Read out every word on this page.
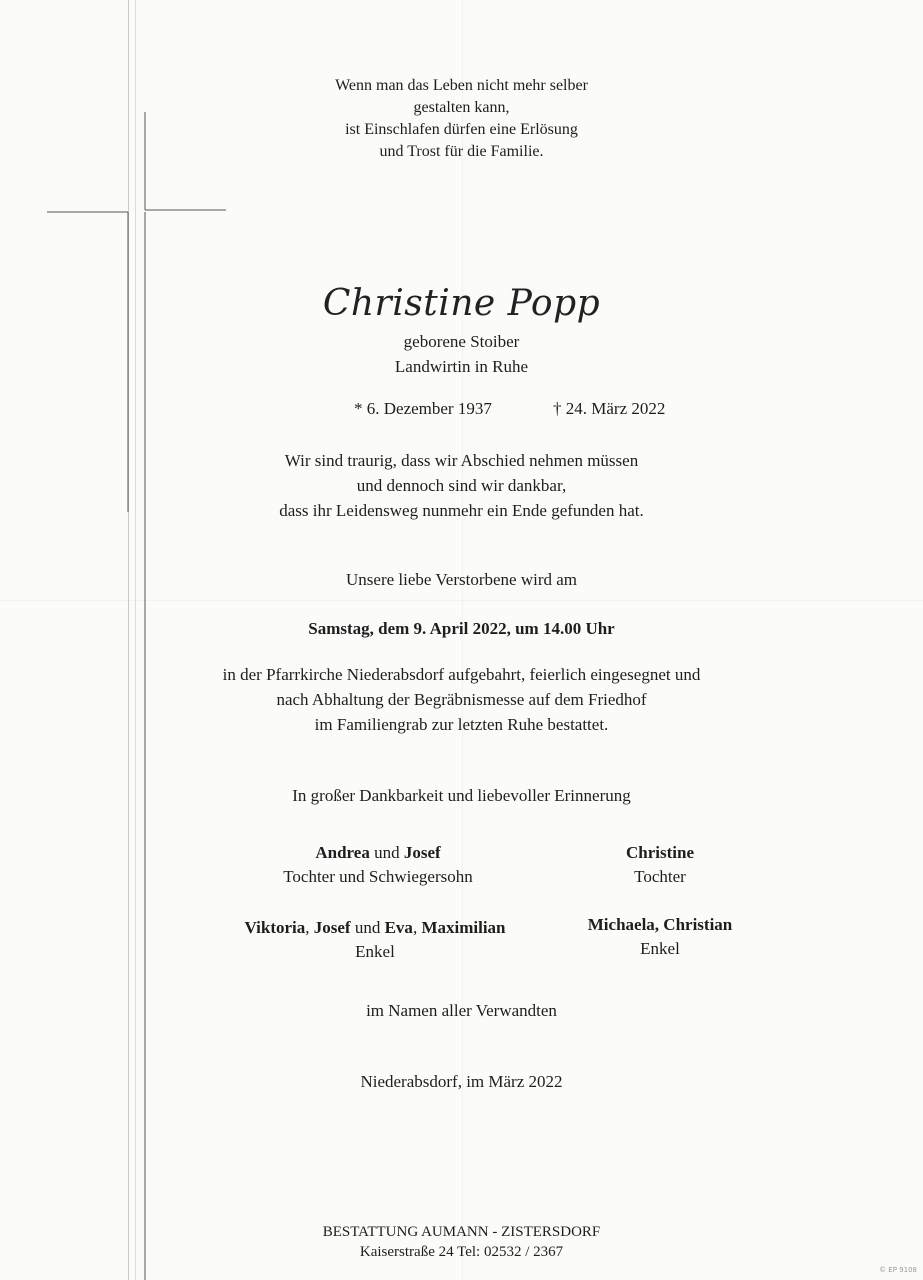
Wenn man das Leben nicht mehr selber
gestalten kann,
ist Einschlafen dürfen eine Erlösung
und Trost für die Familie.
Christine Popp
geborene Stoiber
Landwirtin in Ruhe
* 6. Dezember 1937	† 24. März 2022
Wir sind traurig, dass wir Abschied nehmen müssen
und dennoch sind wir dankbar,
dass ihr Leidensweg nunmehr ein Ende gefunden hat.
Unsere liebe Verstorbene wird am
Samstag, dem 9. April 2022, um 14.00 Uhr
in der Pfarrkirche Niederabsdorf aufgebahrt, feierlich eingesegnet und
nach Abhaltung der Begräbnismesse auf dem Friedhof
im Familiengrab zur letzten Ruhe bestattet.
In großer Dankbarkeit und liebevoller Erinnerung
Andrea und Josef
Tochter und Schwiegersohn
Christine
Tochter
Viktoria, Josef und Eva, Maximilian
Enkel
Michaela, Christian
Enkel
im Namen aller Verwandten
Niederabsdorf, im März 2022
BESTATTUNG AUMANN - ZISTERSDORF
Kaiserstraße 24 Tel: 02532 / 2367
© EP 9108
